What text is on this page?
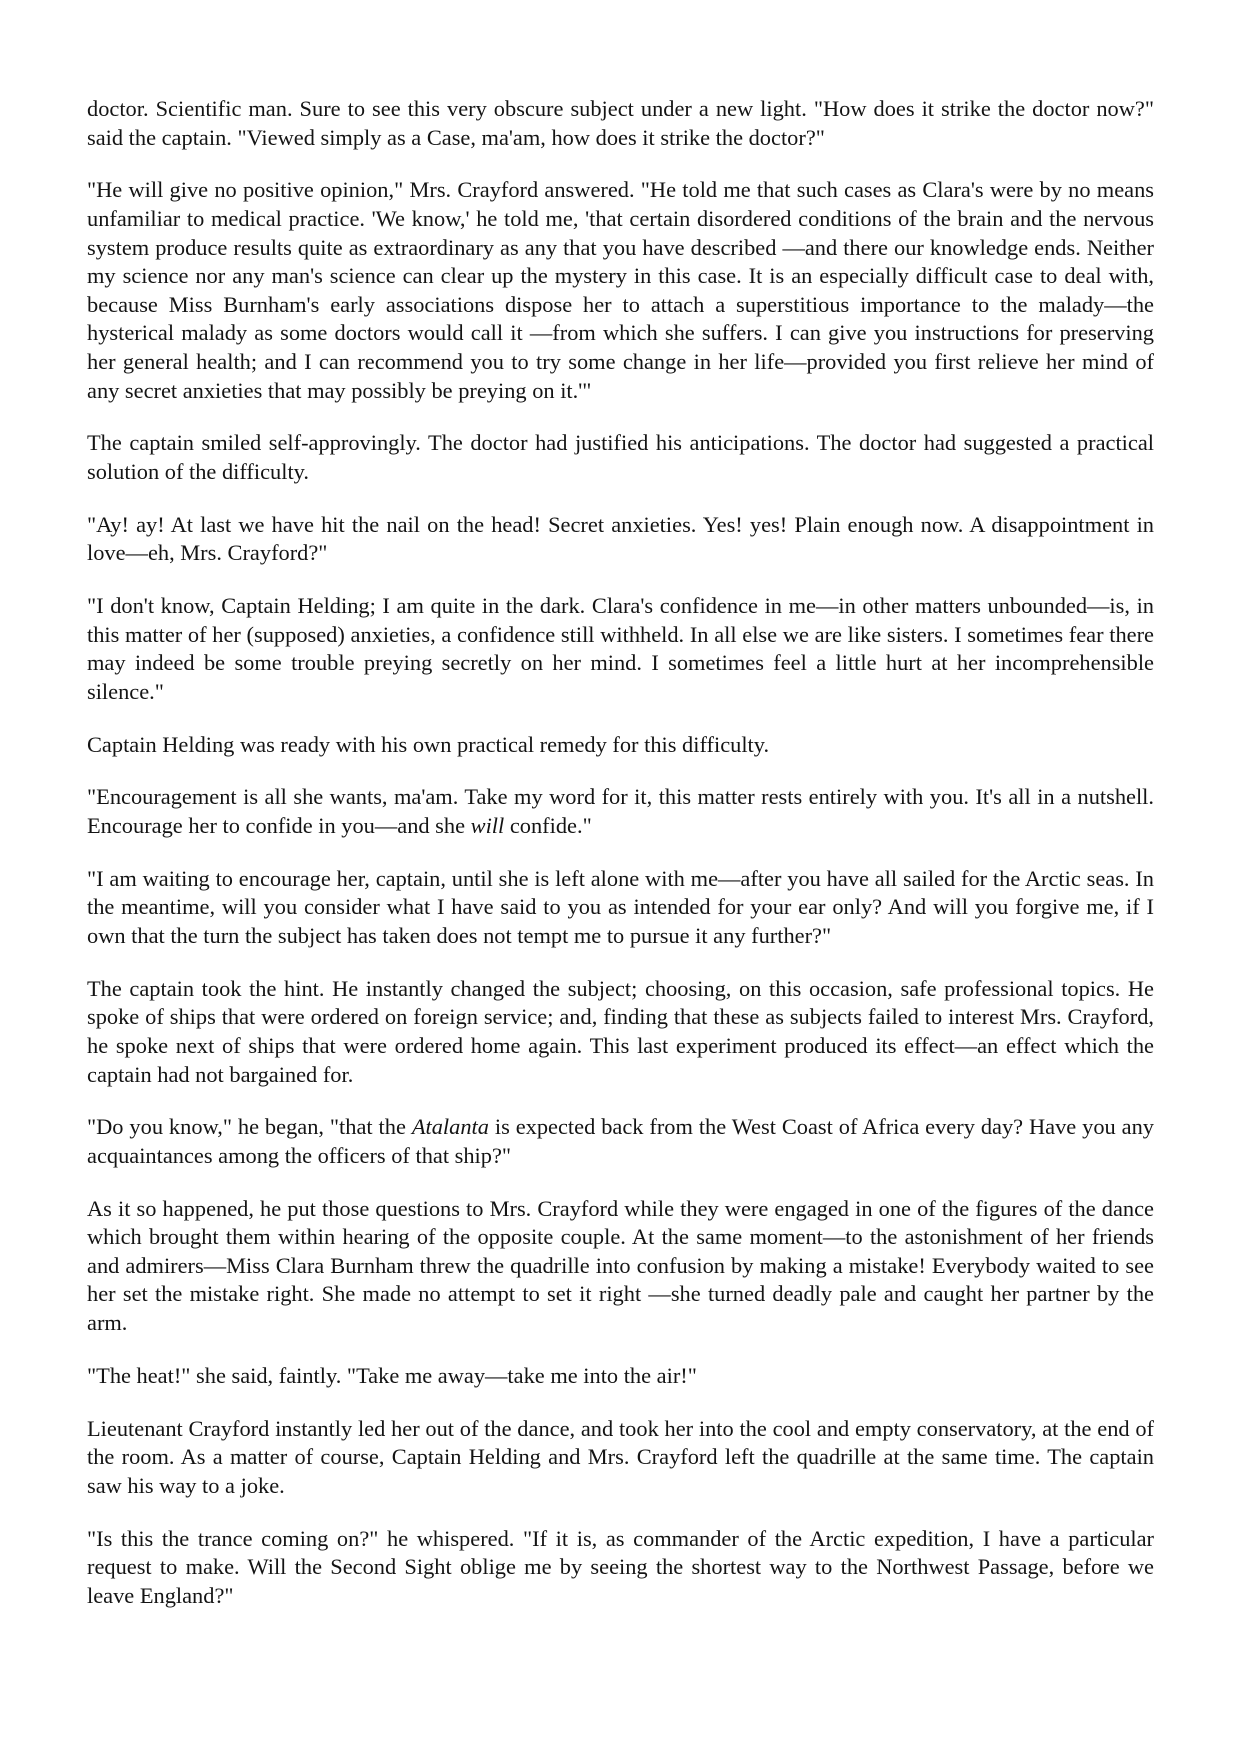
doctor. Scientific man. Sure to see this very obscure subject under a new light. "How does it strike the doctor now?" said the captain. "Viewed simply as a Case, ma'am, how does it strike the doctor?"

"He will give no positive opinion," Mrs. Crayford answered. "He told me that such cases as Clara's were by no means unfamiliar to medical practice. 'We know,' he told me, 'that certain disordered conditions of the brain and the nervous system produce results quite as extraordinary as any that you have described —and there our knowledge ends. Neither my science nor any man's science can clear up the mystery in this case. It is an especially difficult case to deal with, because Miss Burnham's early associations dispose her to attach a superstitious importance to the malady—the hysterical malady as some doctors would call it —from which she suffers. I can give you instructions for preserving her general health; and I can recommend you to try some change in her life—provided you first relieve her mind of any secret anxieties that may possibly be preying on it.'"

The captain smiled self-approvingly. The doctor had justified his anticipations. The doctor had suggested a practical solution of the difficulty.

"Ay! ay! At last we have hit the nail on the head! Secret anxieties. Yes! yes! Plain enough now. A disappointment in love—eh, Mrs. Crayford?"

"I don't know, Captain Helding; I am quite in the dark. Clara's confidence in me—in other matters unbounded—is, in this matter of her (supposed) anxieties, a confidence still withheld. In all else we are like sisters. I sometimes fear there may indeed be some trouble preying secretly on her mind. I sometimes feel a little hurt at her incomprehensible silence."

Captain Helding was ready with his own practical remedy for this difficulty.

"Encouragement is all she wants, ma'am. Take my word for it, this matter rests entirely with you. It's all in a nutshell. Encourage her to confide in you—and she will confide."

"I am waiting to encourage her, captain, until she is left alone with me—after you have all sailed for the Arctic seas. In the meantime, will you consider what I have said to you as intended for your ear only? And will you forgive me, if I own that the turn the subject has taken does not tempt me to pursue it any further?"

The captain took the hint. He instantly changed the subject; choosing, on this occasion, safe professional topics. He spoke of ships that were ordered on foreign service; and, finding that these as subjects failed to interest Mrs. Crayford, he spoke next of ships that were ordered home again. This last experiment produced its effect—an effect which the captain had not bargained for.

"Do you know," he began, "that the Atalanta is expected back from the West Coast of Africa every day? Have you any acquaintances among the officers of that ship?"

As it so happened, he put those questions to Mrs. Crayford while they were engaged in one of the figures of the dance which brought them within hearing of the opposite couple. At the same moment—to the astonishment of her friends and admirers—Miss Clara Burnham threw the quadrille into confusion by making a mistake! Everybody waited to see her set the mistake right. She made no attempt to set it right —she turned deadly pale and caught her partner by the arm.

"The heat!" she said, faintly. "Take me away—take me into the air!"

Lieutenant Crayford instantly led her out of the dance, and took her into the cool and empty conservatory, at the end of the room. As a matter of course, Captain Helding and Mrs. Crayford left the quadrille at the same time. The captain saw his way to a joke.

"Is this the trance coming on?" he whispered. "If it is, as commander of the Arctic expedition, I have a particular request to make. Will the Second Sight oblige me by seeing the shortest way to the Northwest Passage, before we leave England?"
